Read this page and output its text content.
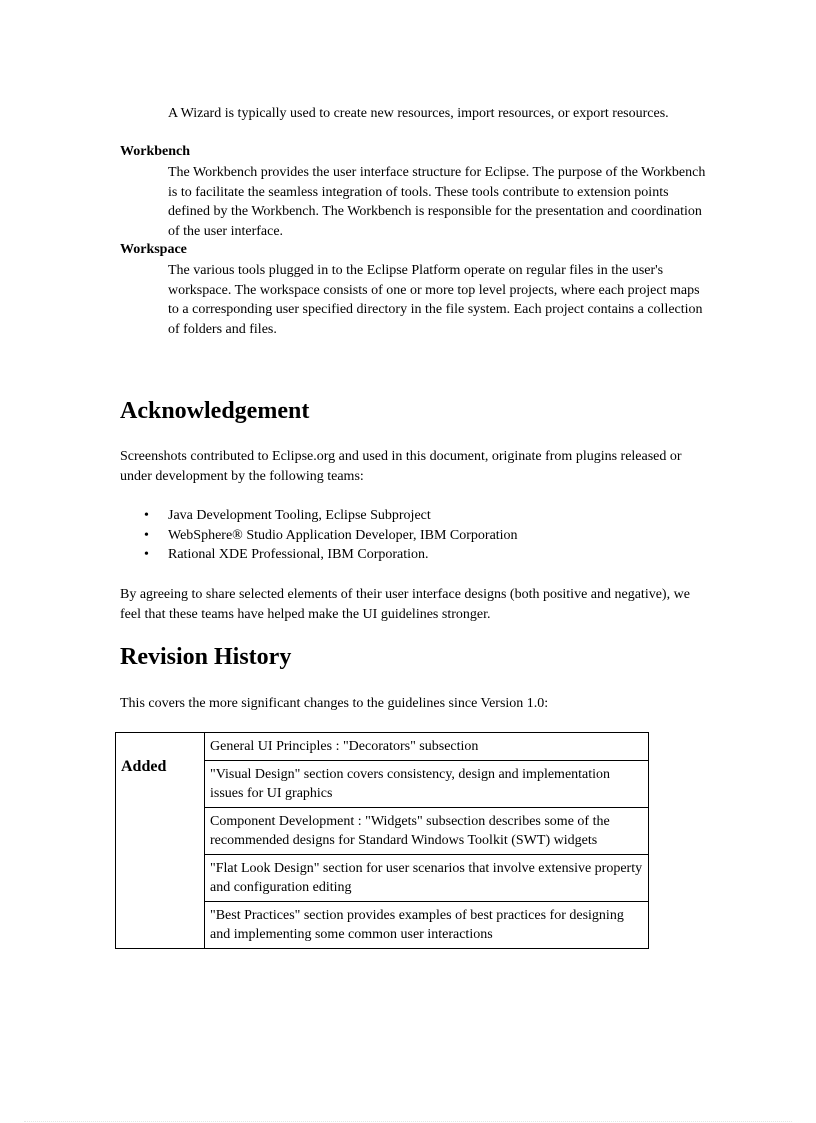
A Wizard is typically used to create new resources, import resources, or export resources.
Workbench
The Workbench provides the user interface structure for Eclipse. The purpose of the Workbench is to facilitate the seamless integration of tools. These tools contribute to extension points defined by the Workbench. The Workbench is responsible for the presentation and coordination of the user interface.
Workspace
The various tools plugged in to the Eclipse Platform operate on regular files in the user's workspace. The workspace consists of one or more top level projects, where each project maps to a corresponding user specified directory in the file system. Each project contains a collection of folders and files.
Acknowledgement
Screenshots contributed to Eclipse.org and used in this document, originate from plugins released or under development by the following teams:
• Java Development Tooling, Eclipse Subproject
• WebSphere® Studio Application Developer, IBM Corporation
• Rational XDE Professional, IBM Corporation.
By agreeing to share selected elements of their user interface designs (both positive and negative), we feel that these teams have helped make the UI guidelines stronger.
Revision History
This covers the more significant changes to the guidelines since Version 1.0:
Added	General UI Principles : "Decorators" subsection
"Visual Design" section covers consistency, design and implementation issues for UI graphics
Component Development : "Widgets" subsection describes some of the recommended designs for Standard Windows Toolkit (SWT) widgets
"Flat Look Design" section for user scenarios that involve extensive property and configuration editing
"Best Practices" section provides examples of best practices for designing and implementing some common user interactions
